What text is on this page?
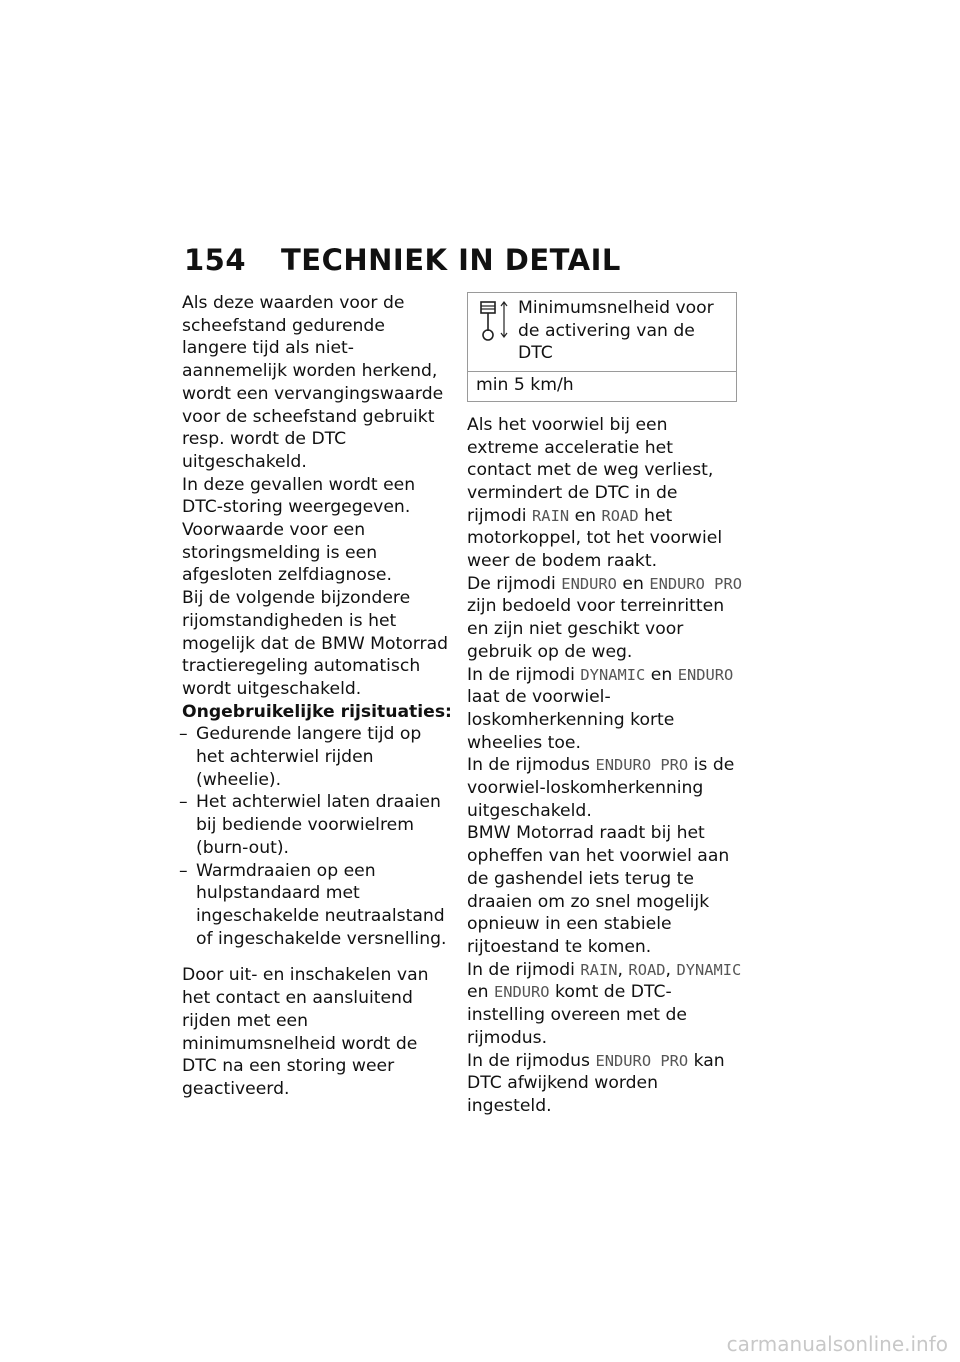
154 TECHNIEK IN DETAIL

Als deze waarden voor de scheefstand gedurende langere tijd als niet-aannemelijk worden herkend, wordt een vervangingswaarde voor de scheefstand gebruikt resp. wordt de DTC uitgeschakeld.

In deze gevallen wordt een DTC-storing weergegeven.

Voorwaarde voor een storingsmelding is een afgesloten zelfdiagnose.

Bij de volgende bijzondere rijomstandigheden is het mogelijk dat de BMW Motorrad tractieregeling automatisch wordt uitgeschakeld.

Ongebruikelijke rijsituaties:

– Gedurende langere tijd op het achterwiel rijden (wheelie).
– Het achterwiel laten draaien bij bediende voorwielrem (burn-out).
– Warmdraaien op een hulpstandaard met ingeschakelde neutraalstand of ingeschakelde versnelling.

Door uit- en inschakelen van het contact en aansluitend rijden met een minimumsnelheid wordt de DTC na een storing weer geactiveerd.

Minimumsnelheid voor de activering van de DTC
min 5 km/h

Als het voorwiel bij een extreme acceleratie het contact met de weg verliest, vermindert de DTC in de rijmodi RAIN en ROAD het motorkoppel, tot het voorwiel weer de bodem raakt.

De rijmodi ENDURO en ENDURO PRO zijn bedoeld voor terreinritten en zijn niet geschikt voor gebruik op de weg.

In de rijmodi DYNAMIC en ENDURO laat de voorwiel-loskomherkenning korte wheelies toe.

In de rijmodus ENDURO PRO is de voorwiel-loskomherkenning uitgeschakeld.

BMW Motorrad raadt bij het opheffen van het voorwiel aan de gashendel iets terug te draaien om zo snel mogelijk opnieuw in een stabiele rijtoestand te komen.

In de rijmodi RAIN, ROAD, DYNAMIC en ENDURO komt de DTC-instelling overeen met de rijmodus.

In de rijmodus ENDURO PRO kan DTC afwijkend worden ingesteld.

carmanualsonline.info
